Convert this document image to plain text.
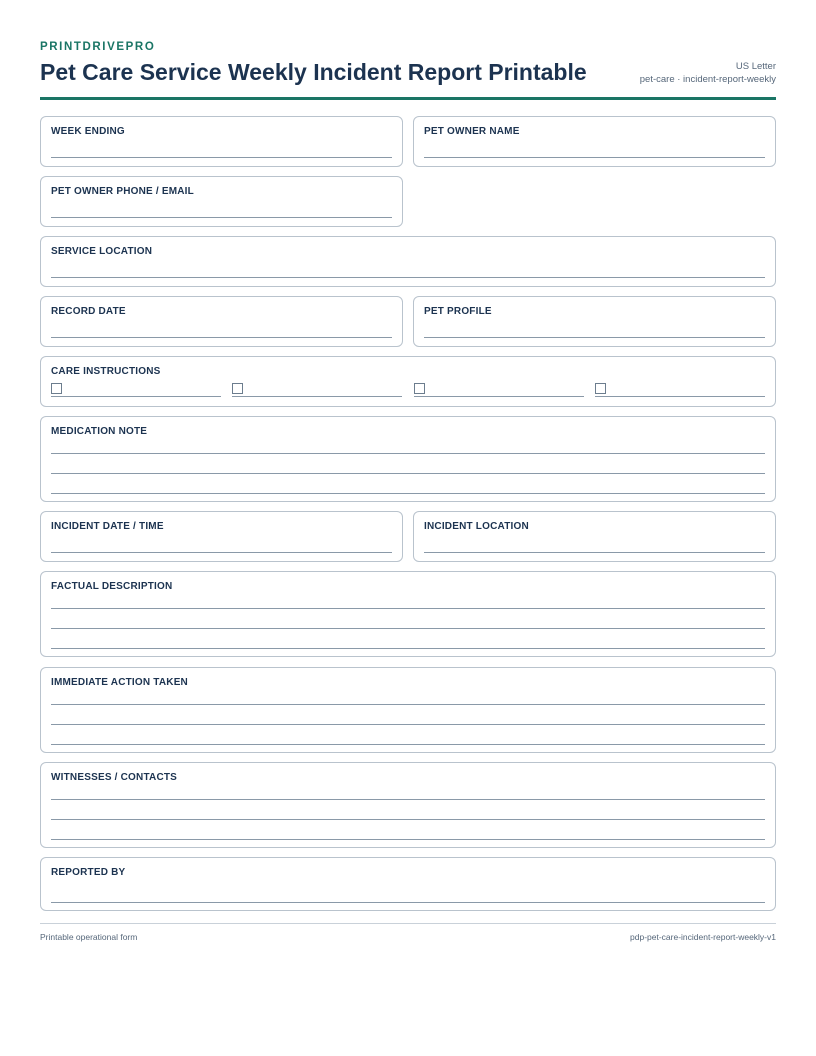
PRINTDRIVEPRO
Pet Care Service Weekly Incident Report Printable	US Letter
pet-care · incident-report-weekly
WEEK ENDING	PET OWNER NAME
PET OWNER PHONE / EMAIL
SERVICE LOCATION
RECORD DATE	PET PROFILE
CARE INSTRUCTIONS
MEDICATION NOTE
INCIDENT DATE / TIME	INCIDENT LOCATION
FACTUAL DESCRIPTION
IMMEDIATE ACTION TAKEN
WITNESSES / CONTACTS
REPORTED BY
Printable operational form	pdp-pet-care-incident-report-weekly-v1
